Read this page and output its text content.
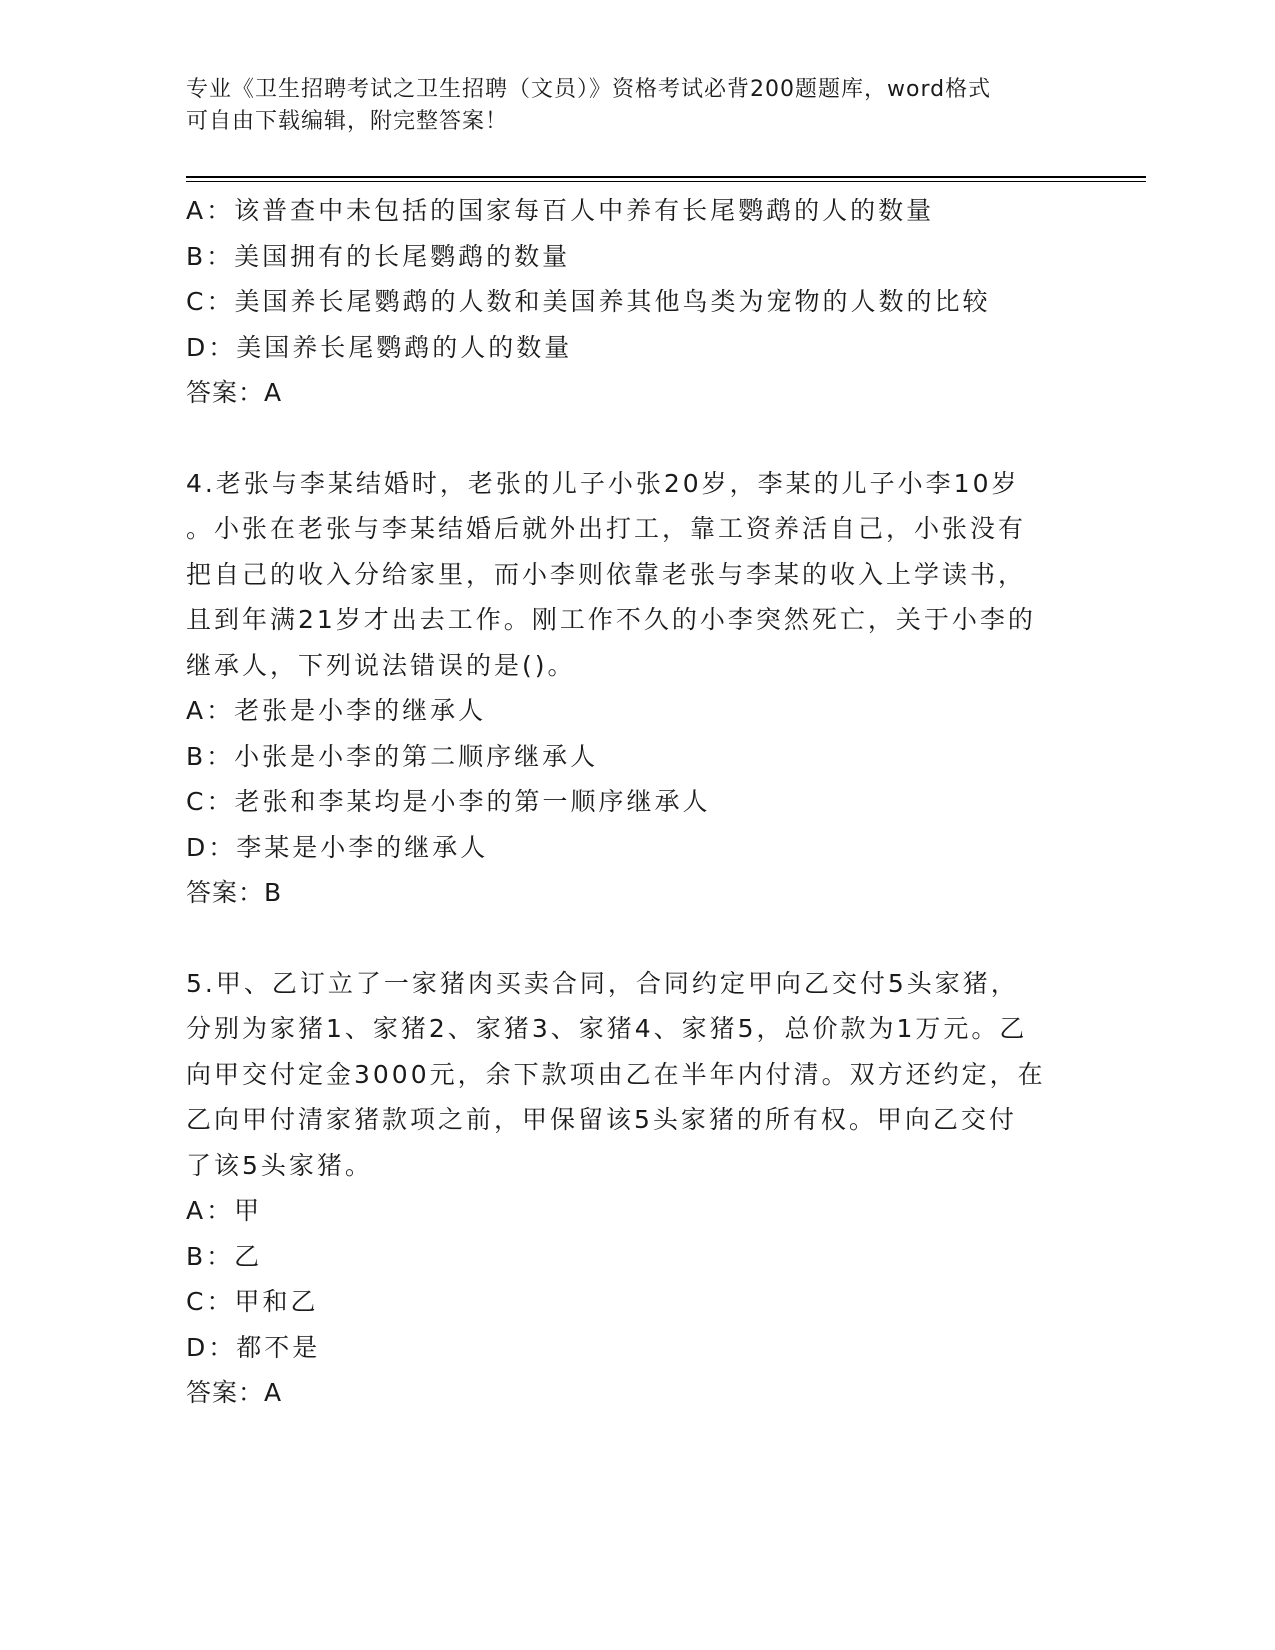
专业《卫生招聘考试之卫生招聘（文员）》资格考试必背200题题库，word格式
可自由下载编辑，附完整答案！
A：该普查中未包括的国家每百人中养有长尾鹦鹉的人的数量
B：美国拥有的长尾鹦鹉的数量
C：美国养长尾鹦鹉的人数和美国养其他鸟类为宠物的人数的比较
D：美国养长尾鹦鹉的人的数量
答案：A
4.老张与李某结婚时，老张的儿子小张20岁，李某的儿子小李10岁
。小张在老张与李某结婚后就外出打工，靠工资养活自己，小张没有
把自己的收入分给家里，而小李则依靠老张与李某的收入上学读书，
且到年满21岁才出去工作。刚工作不久的小李突然死亡，关于小李的
继承人，下列说法错误的是()。
A：老张是小李的继承人
B：小张是小李的第二顺序继承人
C：老张和李某均是小李的第一顺序继承人
D：李某是小李的继承人
答案：B
5.甲、乙订立了一家猪肉买卖合同，合同约定甲向乙交付5头家猪，
分别为家猪1、家猪2、家猪3、家猪4、家猪5，总价款为1万元。乙
向甲交付定金3000元，余下款项由乙在半年内付清。双方还约定，在
乙向甲付清家猪款项之前，甲保留该5头家猪的所有权。甲向乙交付
了该5头家猪。
A：甲
B：乙
C：甲和乙
D：都不是
答案：A
